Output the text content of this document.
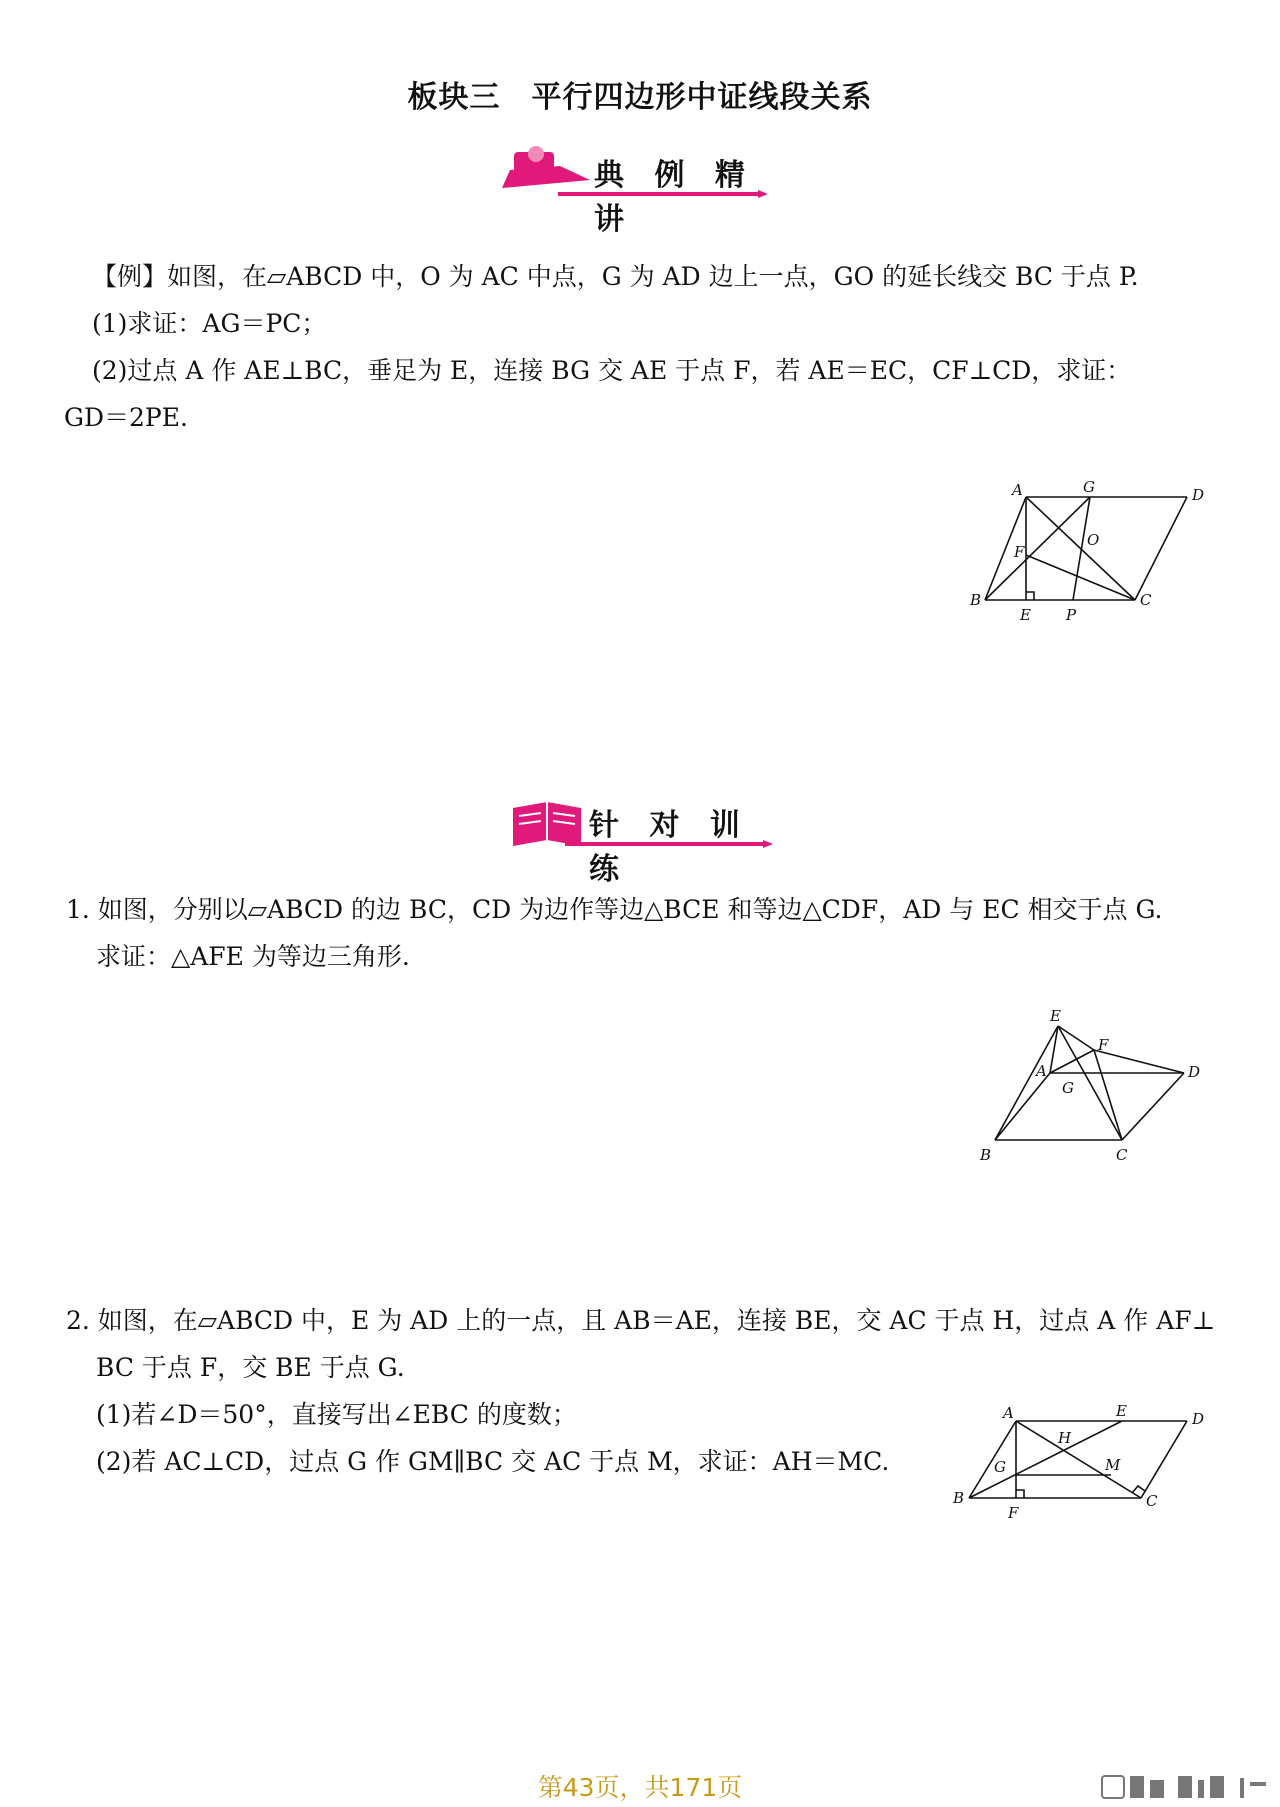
板块三　平行四边形中证线段关系
典 例 精 讲
【例】如图，在▱ABCD 中，O 为 AC 中点，G 为 AD 边上一点，GO 的延长线交 BC 于点 P.
(1)求证：AG＝PC；
(2)过点 A 作 AE⊥BC，垂足为 E，连接 BG 交 AE 于点 F，若 AE＝EC，CF⊥CD，求证：
GD＝2PE.
A	G	D
F
O
B
E P
C
针 对 训 练
1. 如图，分别以▱ABCD 的边 BC，CD 为边作等边△BCE 和等边△CDF，AD 与 EC 相交于点 G.
求证：△AFE 为等边三角形.
E
A
F
G
D
B	C
2. 如图，在▱ABCD 中，E 为 AD 上的一点，且 AB＝AE，连接 BE，交 AC 于点 H，过点 A 作 AF⊥
BC 于点 F，交 BE 于点 G.
(1)若∠D＝50°，直接写出∠EBC 的度数；
(2)若 AC⊥CD，过点 G 作 GM∥BC 交 AC 于点 M，求证：AH＝MC.
A	E	D
H
G	M
B
F
C
第43页，共171页
